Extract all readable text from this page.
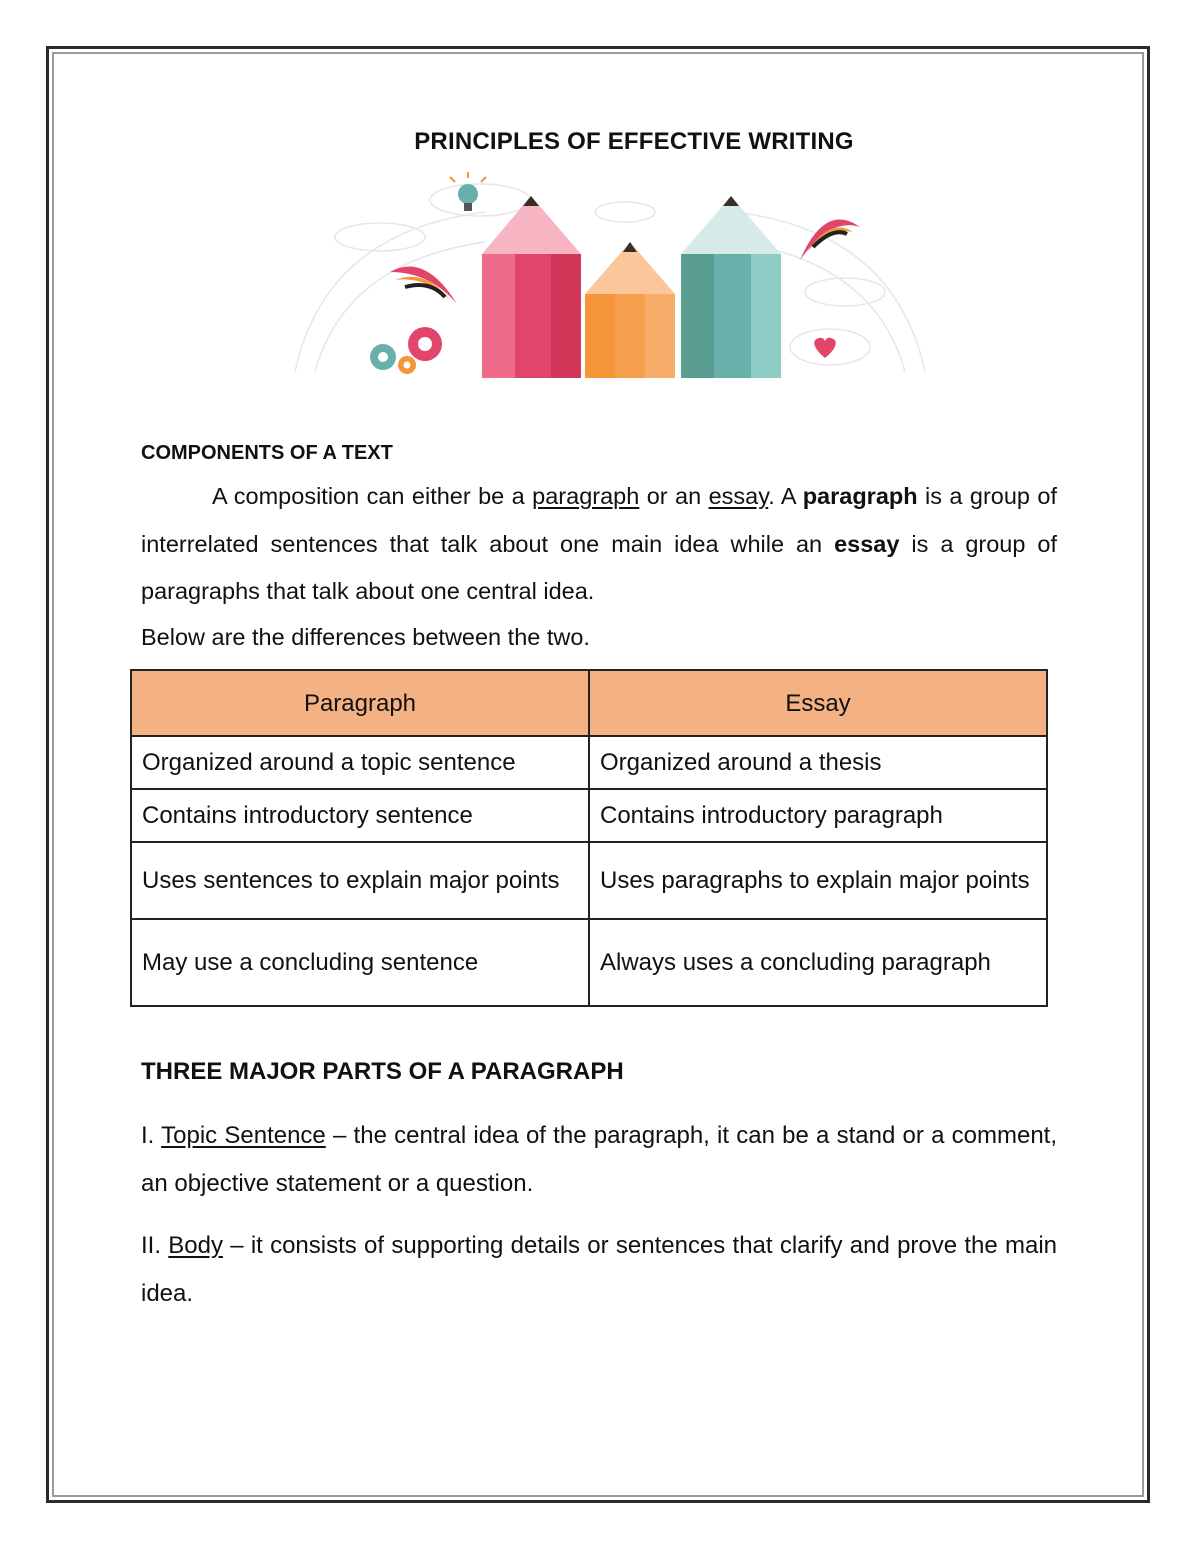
PRINCIPLES OF EFFECTIVE WRITING
COMPONENTS OF A TEXT
A composition can either be a paragraph or an essay. A paragraph is a group of interrelated sentences that talk about one main idea while an essay is a group of paragraphs that talk about one central idea.
Below are the differences between the two.
Paragraph	Essay
Organized around a topic sentence	Organized around a thesis
Contains introductory sentence	Contains introductory paragraph
Uses sentences to explain major points	Uses paragraphs to explain major points
May use a concluding sentence	Always uses a concluding paragraph
THREE MAJOR PARTS OF A PARAGRAPH
I. Topic Sentence – the central idea of the paragraph, it can be a stand or a comment, an objective statement or a question.
II. Body – it consists of supporting details or sentences that clarify and prove the main idea.
